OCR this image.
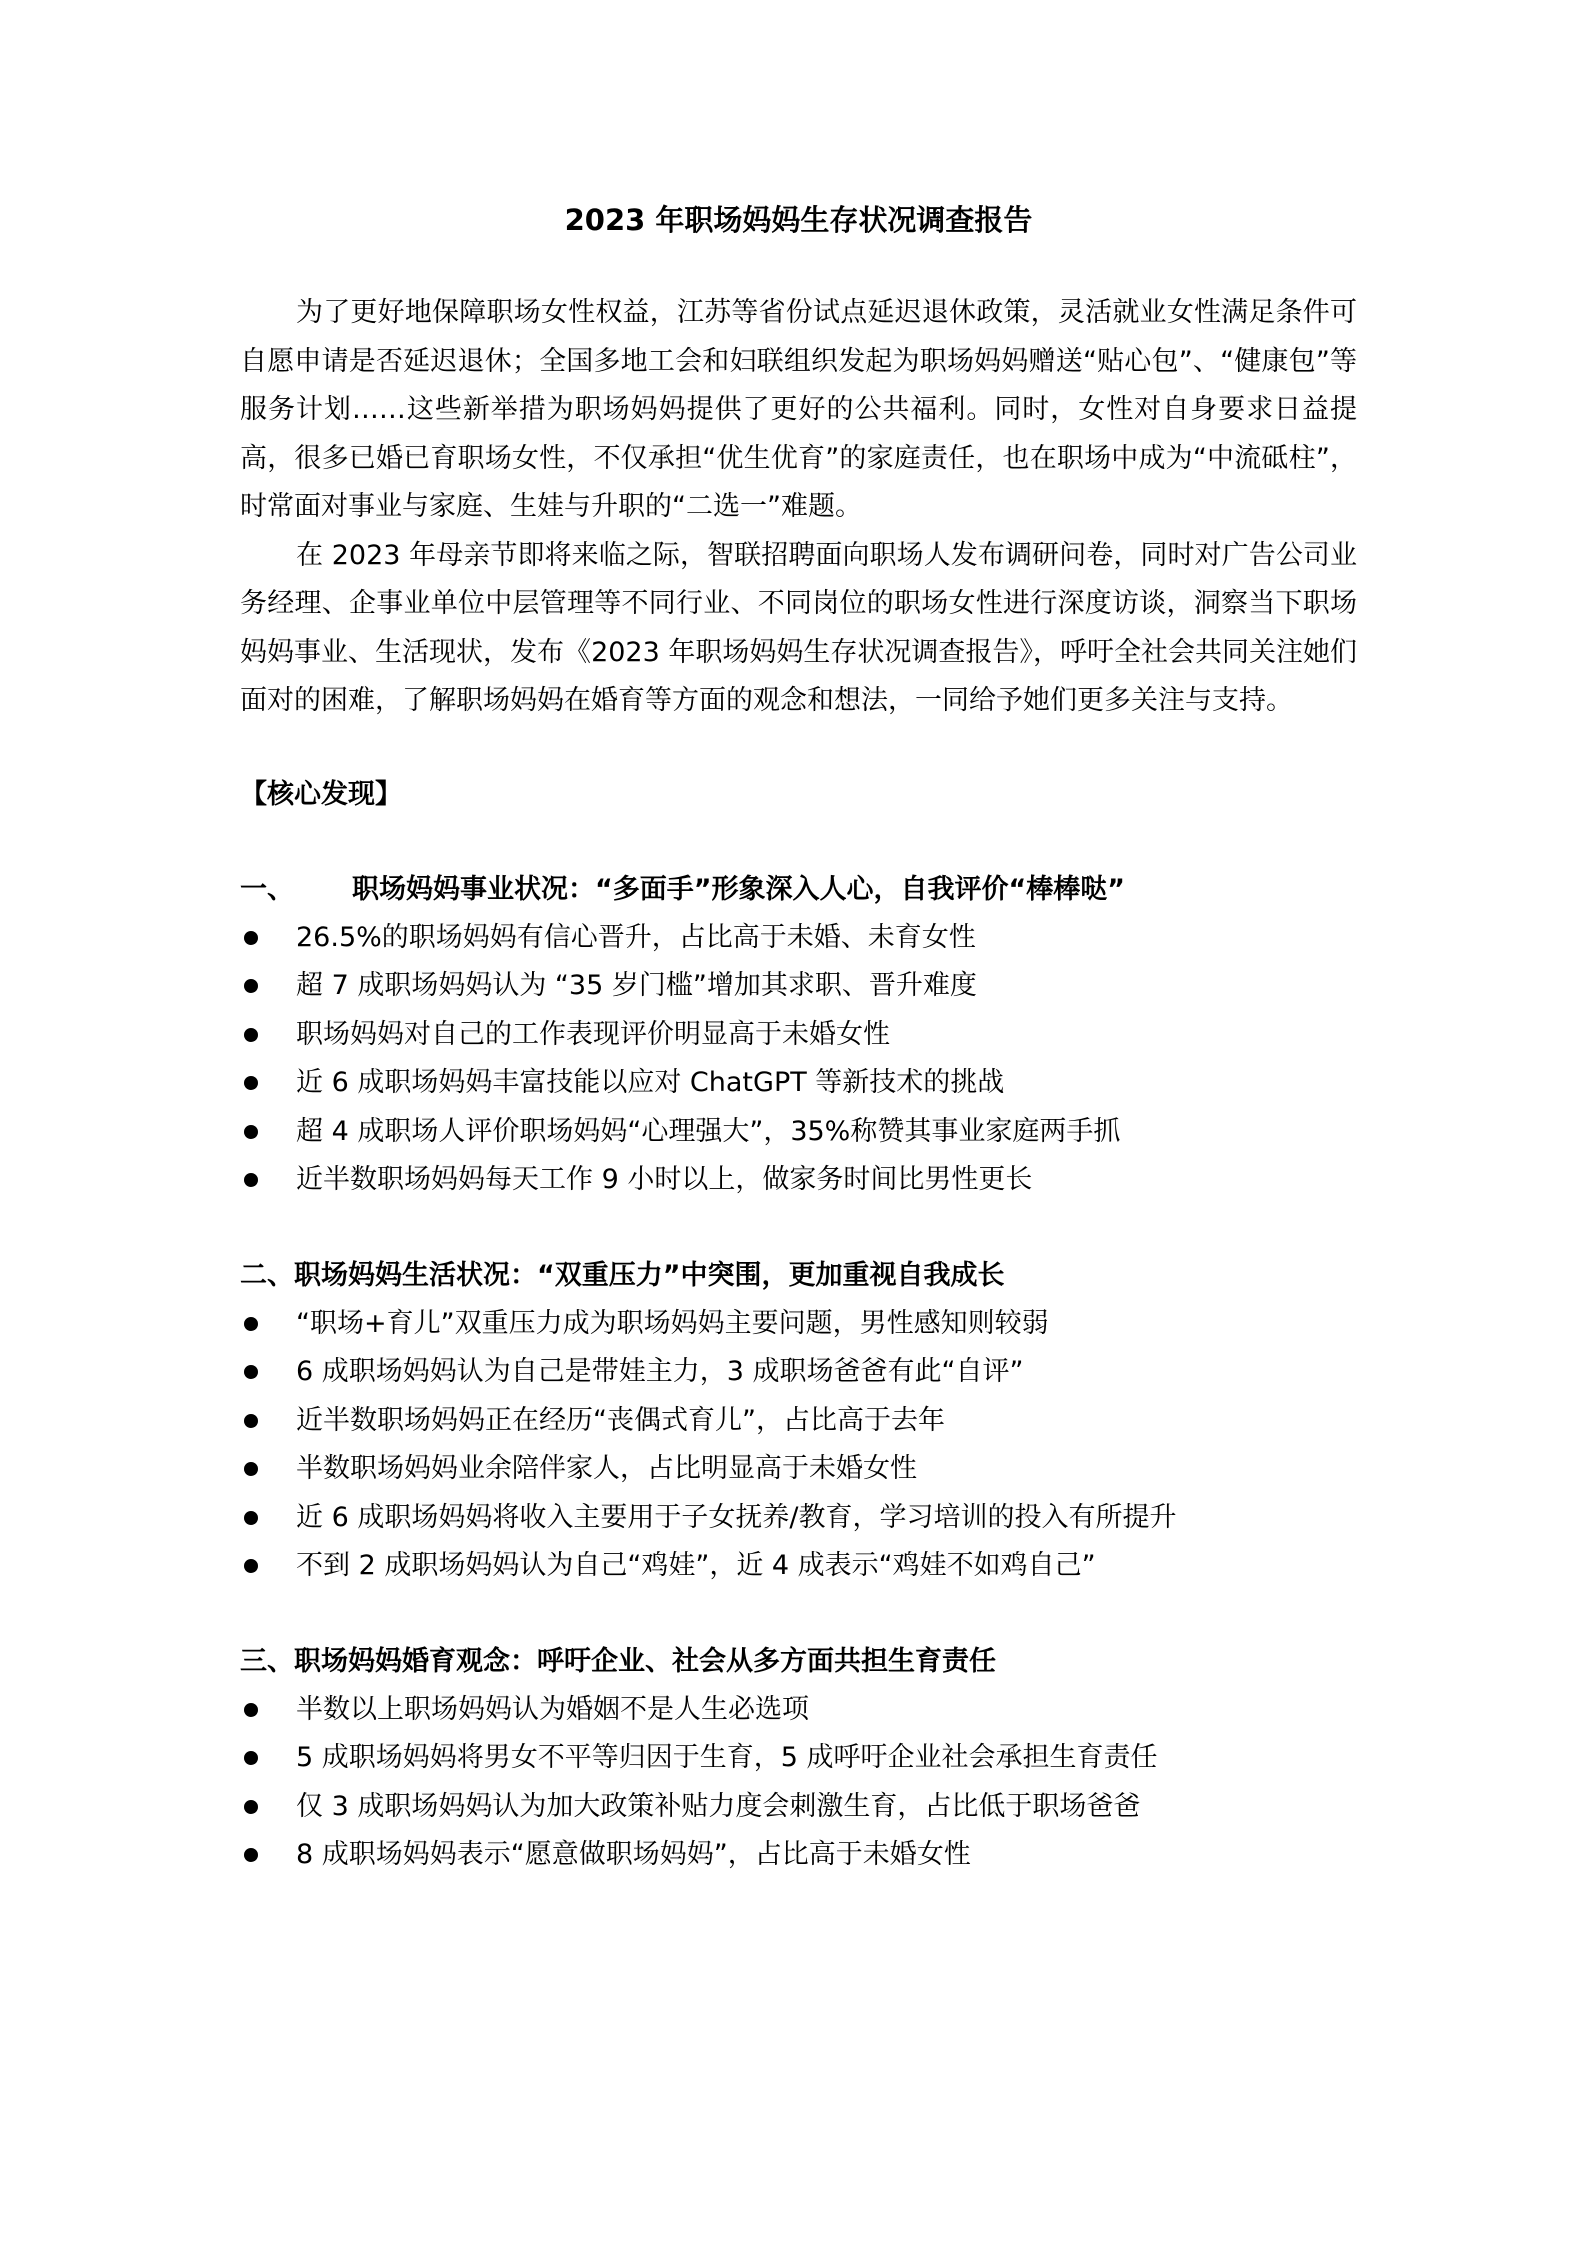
2023 年职场妈妈生存状况调查报告

为了更好地保障职场女性权益，江苏等省份试点延迟退休政策，灵活就业女性满足条件可自愿申请是否延迟退休；全国多地工会和妇联组织发起为职场妈妈赠送“贴心包”、“健康包”等服务计划……这些新举措为职场妈妈提供了更好的公共福利。同时，女性对自身要求日益提高，很多已婚已育职场女性，不仅承担“优生优育”的家庭责任，也在职场中成为“中流砥柱”，时常面对事业与家庭、生娃与升职的“二选一”难题。

在 2023 年母亲节即将来临之际，智联招聘面向职场人发布调研问卷，同时对广告公司业务经理、企事业单位中层管理等不同行业、不同岗位的职场女性进行深度访谈，洞察当下职场妈妈事业、生活现状，发布《2023 年职场妈妈生存状况调查报告》，呼吁全社会共同关注她们面对的困难，了解职场妈妈在婚育等方面的观念和想法，一同给予她们更多关注与支持。

【核心发现】
一、 职场妈妈事业状况：“多面手”形象深入人心，自我评价“棒棒哒”
26.5%的职场妈妈有信心晋升，占比高于未婚、未育女性
超 7 成职场妈妈认为 “35 岁门槛”增加其求职、晋升难度
职场妈妈对自己的工作表现评价明显高于未婚女性
近 6 成职场妈妈丰富技能以应对 ChatGPT 等新技术的挑战
超 4 成职场人评价职场妈妈“心理强大”，35%称赞其事业家庭两手抓
近半数职场妈妈每天工作 9 小时以上，做家务时间比男性更长
二、职场妈妈生活状况：“双重压力”中突围，更加重视自我成长
“职场+育儿”双重压力成为职场妈妈主要问题，男性感知则较弱
6 成职场妈妈认为自己是带娃主力，3 成职场爸爸有此“自评”
近半数职场妈妈正在经历“丧偶式育儿”，占比高于去年
半数职场妈妈业余陪伴家人，占比明显高于未婚女性
近 6 成职场妈妈将收入主要用于子女抚养/教育，学习培训的投入有所提升
不到 2 成职场妈妈认为自己“鸡娃”，近 4 成表示“鸡娃不如鸡自己”
三、职场妈妈婚育观念：呼吁企业、社会从多方面共担生育责任
半数以上职场妈妈认为婚姻不是人生必选项
5 成职场妈妈将男女不平等归因于生育，5 成呼吁企业社会承担生育责任
仅 3 成职场妈妈认为加大政策补贴力度会刺激生育，占比低于职场爸爸
8 成职场妈妈表示“愿意做职场妈妈”，占比高于未婚女性
